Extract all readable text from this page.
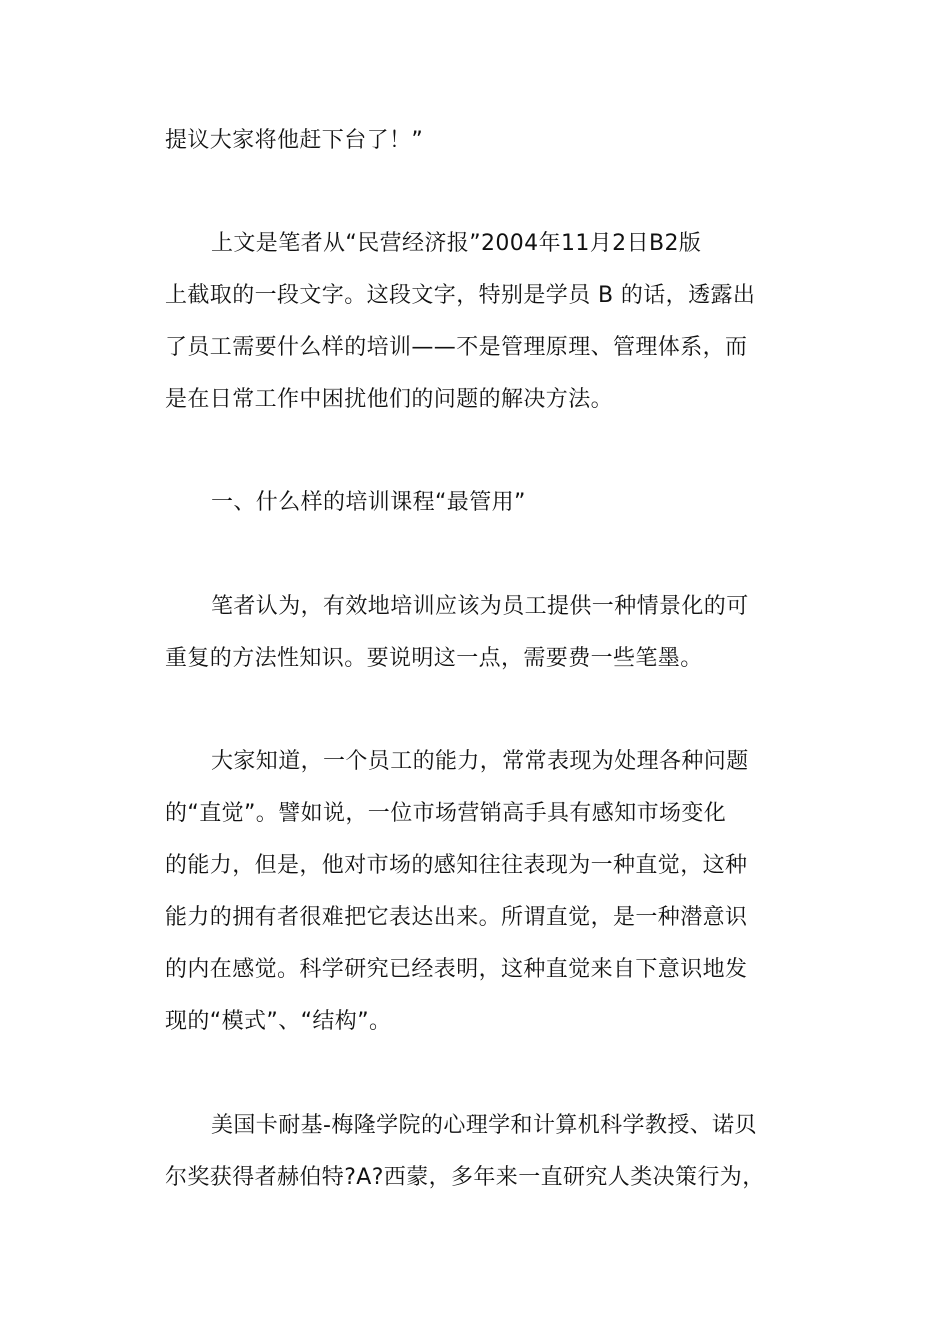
提议大家将他赶下台了！”
上文是笔者从“民营经济报”2004年11月2日B2版
上截取的一段文字。这段文字，特别是学员 B 的话，透露出
了员工需要什么样的培训——不是管理原理、管理体系，而
是在日常工作中困扰他们的问题的解决方法。
一、什么样的培训课程“最管用”
笔者认为，有效地培训应该为员工提供一种情景化的可
重复的方法性知识。要说明这一点，需要费一些笔墨。
大家知道，一个员工的能力，常常表现为处理各种问题
的“直觉”。譬如说，一位市场营销高手具有感知市场变化
的能力，但是，他对市场的感知往往表现为一种直觉，这种
能力的拥有者很难把它表达出来。所谓直觉，是一种潜意识
的内在感觉。科学研究已经表明，这种直觉来自下意识地发
现的“模式”、“结构”。
美国卡耐基-梅隆学院的心理学和计算机科学教授、诺贝
尔奖获得者赫伯特?A?西蒙，多年来一直研究人类决策行为，
